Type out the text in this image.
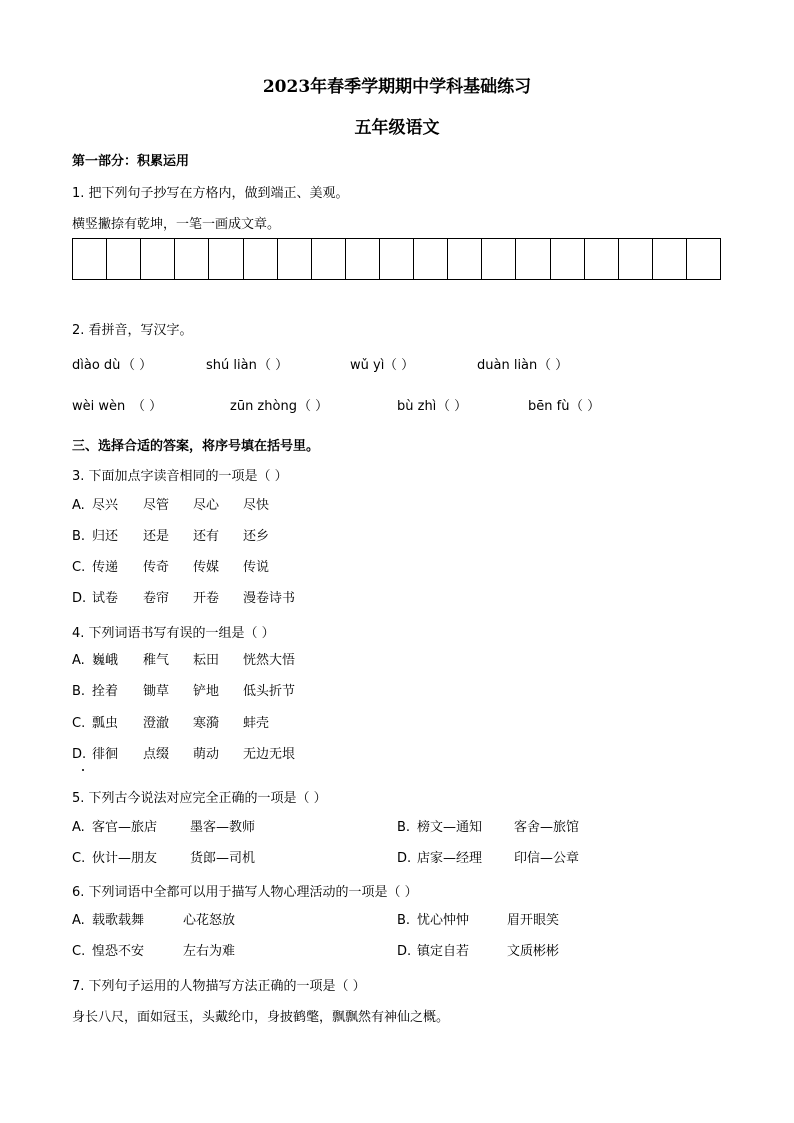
2023年春季学期期中学科基础练习
五年级语文
第一部分：积累运用
1. 把下列句子抄写在方格内，做到端正、美观。
横竖撇捺有乾坤，一笔一画成文章。
2. 看拼音，写汉字。
dìào dù （ ）	shú liàn （ ）	wǔ yì （ ）	duàn liàn （ ）
wèi wèn （ ）	zūn zhòng （ ）	bù zhì （ ）	bēn fù （ ）
三、选择合适的答案，将序号填在括号里。
3. 下面加点字读音相同的一项是（ ）
A. 尽兴 尽管 尽心 尽快
B. 归还 还是 还有 还乡
C. 传递 传奇 传媒 传说
D. 试卷 卷帘 开卷 漫卷诗书
4. 下列词语书写有误的一组是（ ）
A. 巍峨 稚气 耘田 恍然大悟
B. 拴着 锄草 铲地 低头折节
C. 瓢虫 澄澈 寒漪 蚌壳
D. 徘徊 点缀 萌动 无边无垠
5. 下列古今说法对应完全正确的一项是（ ）
A. 客官—旅店	墨客—教师	B. 榜文—通知 客舍—旅馆
C. 伙计—朋友	货郎—司机	D. 店家—经理 印信—公章
6. 下列词语中全都可以用于描写人物心理活动的一项是（ ）
A. 载歌载舞	心花怒放	B. 忧心忡忡	眉开眼笑
C. 惶恐不安	左右为难	D. 镇定自若	文质彬彬
7. 下列句子运用的人物描写方法正确的一项是（ ）
身长八尺，面如冠玉，头戴纶巾，身披鹤氅，飘飘然有神仙之概。
